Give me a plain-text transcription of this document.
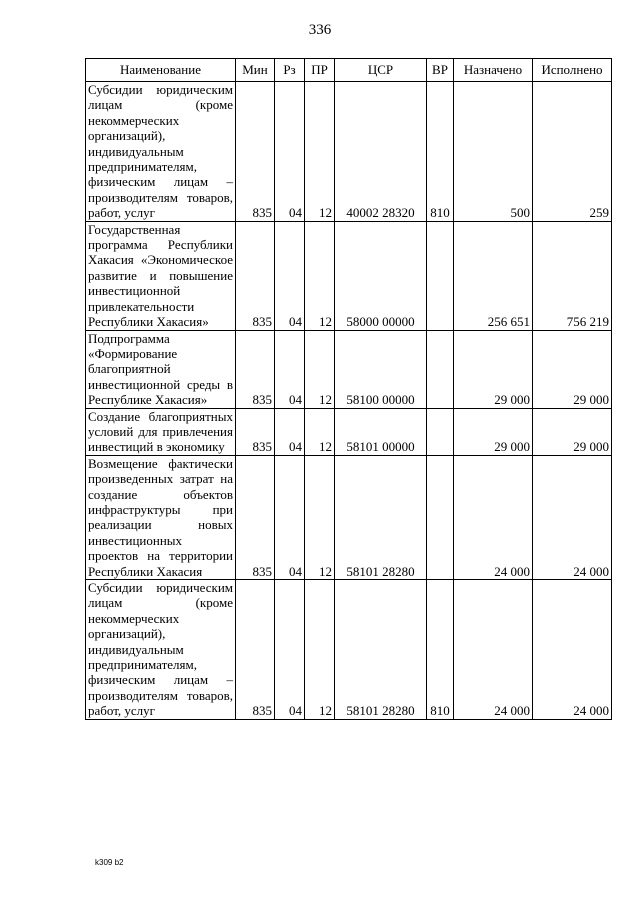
336
Наименование	Мин	Рз	ПР	ЦСР	ВР	Назначено	Исполнено
Субсидии юридическим лицам (кроме некоммерческих организаций), индивидуальным предпринимателям, физическим лицам – производителям товаров, работ, услуг	835	04	12	40002 28320	810	500	259
Государственная программа Республики Хакасия «Экономическое развитие и повышение инвестиционной привлекательности Республики Хакасия»	835	04	12	58000 00000		256 651	756 219
Подпрограмма «Формирование благоприятной инвестиционной среды в Республике Хакасия»	835	04	12	58100 00000		29 000	29 000
Создание благоприятных условий для привлечения инвестиций в экономику	835	04	12	58101 00000		29 000	29 000
Возмещение фактически произведенных затрат на создание объектов инфраструктуры при реализации новых инвестиционных проектов на территории Республики Хакасия	835	04	12	58101 28280		24 000	24 000
Субсидии юридическим лицам (кроме некоммерческих организаций), индивидуальным предпринимателям, физическим лицам – производителям товаров, работ, услуг	835	04	12	58101 28280	810	24 000	24 000
k309 b2
